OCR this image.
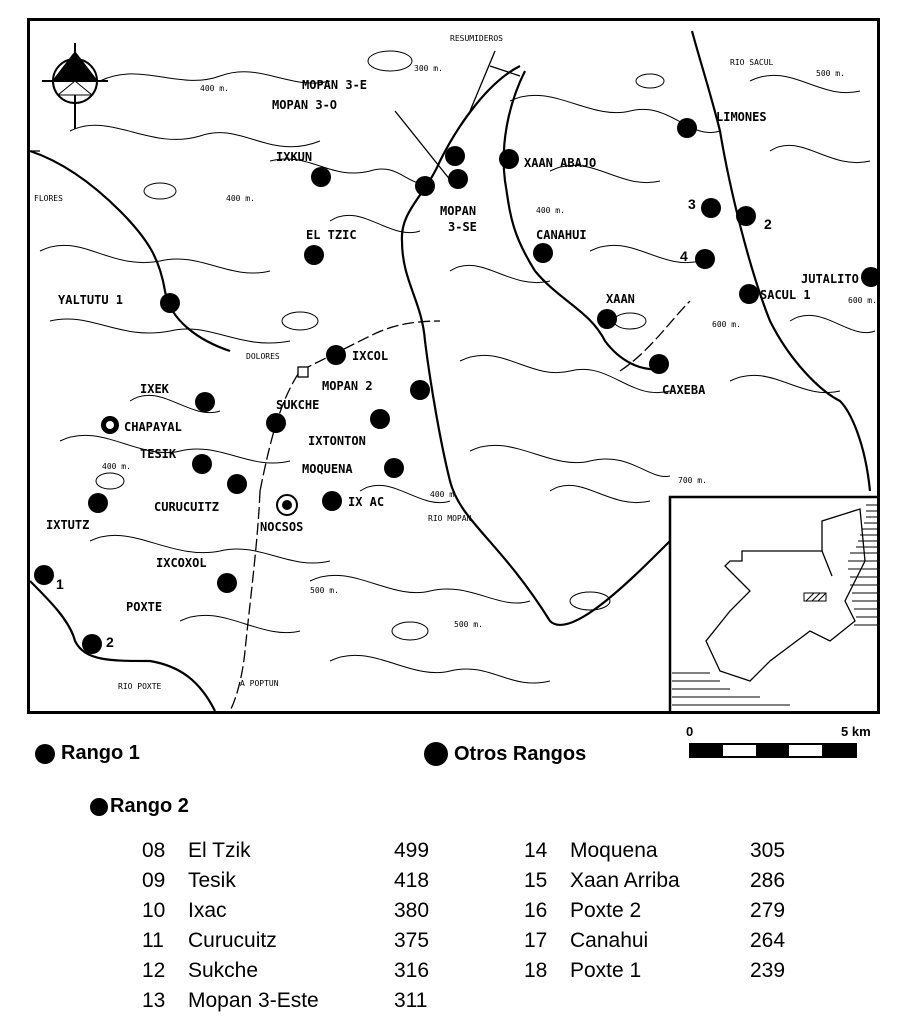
IXKUN
EL TZIC
YALTUTU 1
IXCOL
IXEK
SUKCHE
IXTONTON
MOQUENA
TESIK
CURUCUITZ	IX AC
IXTUTZ
IXCOXOL
CANAHUI
XAAN
CAXEBA
LIMONES
SACUL 1
MOPAN 3-E
MOPAN 3-O
MOPAN
3-SE
XAAN ABAJO
RESUMIDEROS
RIO SACUL
JUTALITO
DOLORES
MOPAN 2
CHAPAYAL
NOCSOS
RIO MOPAN
POXTE
RIO POXTE	A POPTUN
FLORES	3
4
2
1
2
300 m.
400 m.
400 m.
400 m.
400 m.
400 m.
500 m.
500 m.
500 m.
600 m.
600 m.
700 m.
0	5 km
Rango 1	Otros Rangos
Rango 2
08 El Tzik	499
09 Tesik	418
10 Ixac	380
11 Curucuitz	375
12 Sukche	316
13 Mopan 3-Este	311
14 Moquena	305
15 Xaan Arriba	286
16 Poxte 2	279
17 Canahui	264
18 Poxte 1	239
